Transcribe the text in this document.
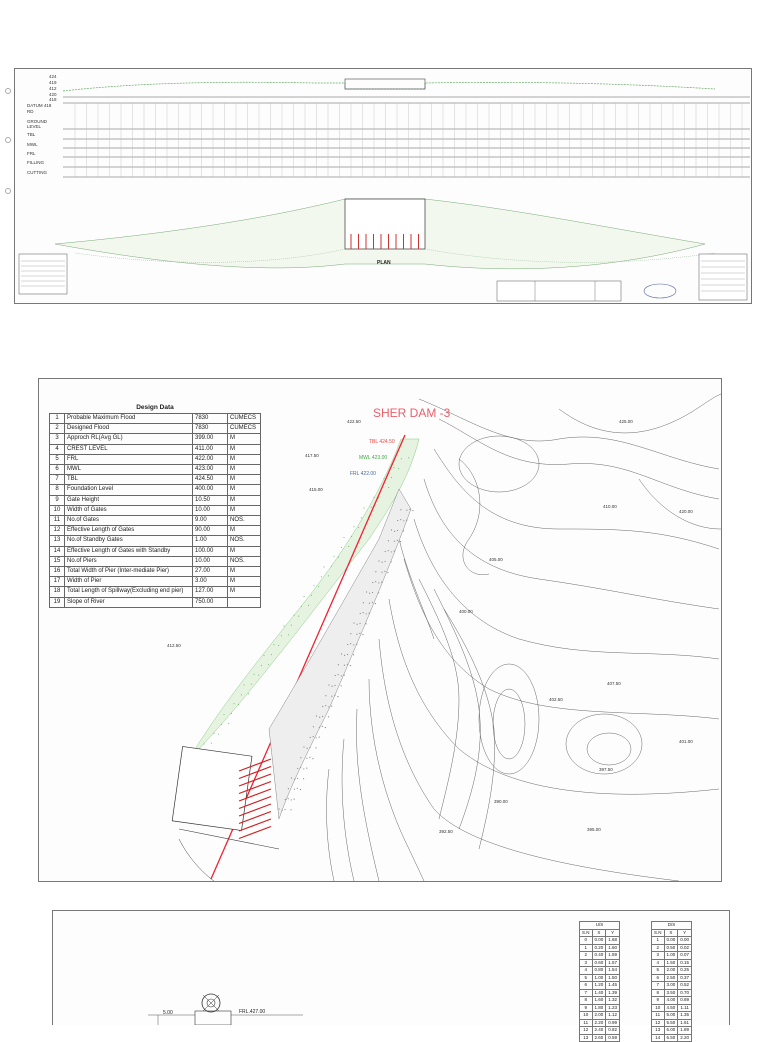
424
419
412
420
418
DATUM 418
RD
GROUND LEVEL
TBL
MWL
FRL
FILLING
CUTTING
PLAN
Design Data
1	Probable Maximum Flood	7830	CUMECS
2	Designed Flood	7830	CUMECS
3	Approch RL(Avg GL)	399.00	M
4	CREST LEVEL	411.00	M
5	FRL	422.00	M
6	MWL	423.00	M
7	TBL	424.50	M
8	Foundation Level	400.00	M
9	Gate Height	10.50	M
10	Width of Gates	10.00	M
11	No.of Gates	9.00	NOS.
12	Effective Length of Gates	90.00	M
13	No.of Standby Gates	1.00	NOS.
14	Effective Length of Gates with Standby	100.00	M
15	No.of Piers	10.00	NOS.
16	Total Width of Pier (Inter-mediate Pier)	27.00	M
17	Width of Pier	3.00	M
18	Total Length of Spillway(Excluding end pier)	127.00	M
19	Slope of River	750.00	
SHER DAM -3
TBL 424.50
MWL 423.00
FRL 422.00
422.50
417.50
415.00
425.00
410.00
420.00
412.50
405.00
400.00
402.50
407.50
395.00
397.50
392.50
390.00
401.00
FRL.427.00
5.00
U/S		
S.N	X	Y
0	0.00	1.68
1	0.20	1.60
2	0.40	1.59
3	0.60	1.57
4	0.80	1.54
5	1.00	1.50
6	1.20	1.45
7	1.40	1.39
8	1.60	1.32
9	1.80	1.23
10	2.00	1.12
11	2.20	0.99
12	2.40	0.82
13	2.60	0.59
D/S		
S.N	X	Y
1	0.00	0.00
2	0.50	0.02
3	1.00	0.07
4	1.50	0.15
5	2.00	0.25
6	2.50	0.37
7	3.00	0.52
8	3.50	0.70
9	4.00	0.89
10	4.50	1.11
11	5.00	1.35
12	5.50	1.61
13	6.00	1.89
14	6.50	2.20
